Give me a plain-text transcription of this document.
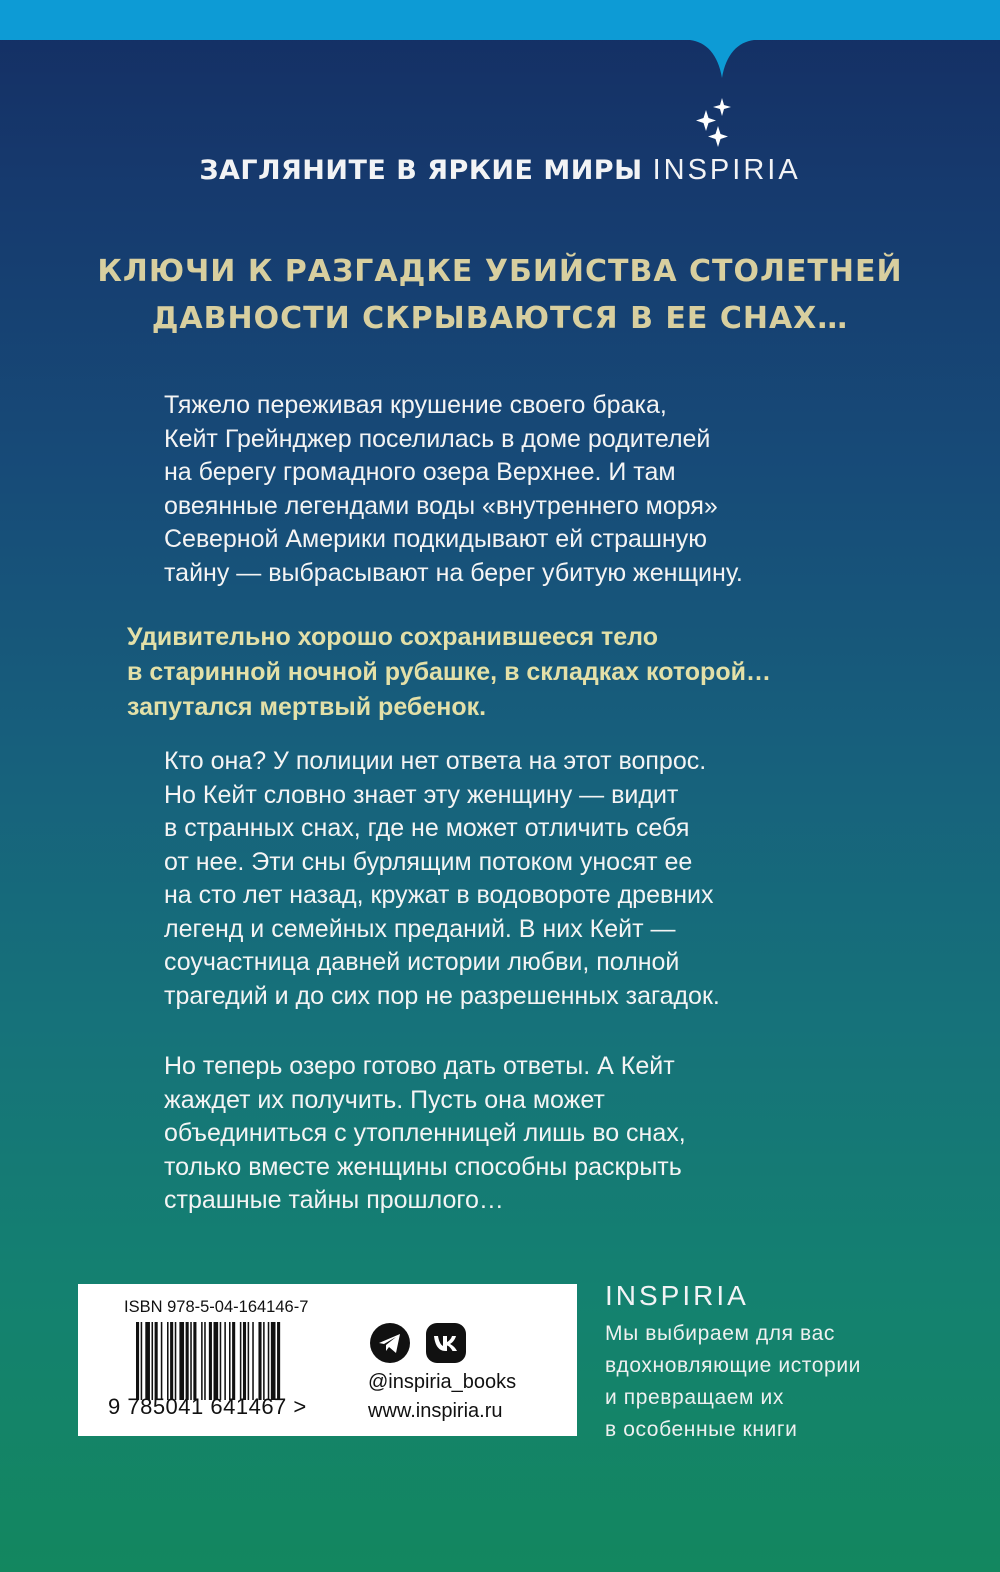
ЗАГЛЯНИТЕ В ЯРКИЕ МИРЫ INSPIRIA
КЛЮЧИ К РАЗГАДКЕ УБИЙСТВА СТОЛЕТНЕЙ
ДАВНОСТИ СКРЫВАЮТСЯ В ЕЕ СНАХ…
Тяжело переживая крушение своего брака,
Кейт Грейнджер поселилась в доме родителей
на берегу громадного озера Верхнее. И там
овеянные легендами воды «внутреннего моря»
Северной Америки подкидывают ей страшную
тайну — выбрасывают на берег убитую женщину.
Удивительно хорошо сохранившееся тело
в старинной ночной рубашке, в складках которой…
запутался мертвый ребенок.
Кто она? У полиции нет ответа на этот вопрос.
Но Кейт словно знает эту женщину — видит
в странных снах, где не может отличить себя
от нее. Эти сны бурлящим потоком уносят ее
на сто лет назад, кружат в водовороте древних
легенд и семейных преданий. В них Кейт —
соучастница давней истории любви, полной
трагедий и до сих пор не разрешенных загадок.
Но теперь озеро готово дать ответы. А Кейт
жаждет их получить. Пусть она может
объединиться с утопленницей лишь во снах,
только вместе женщины способны раскрыть
страшные тайны прошлого…
ISBN 978-5-04-164146-7
9 785041 641467 >

@inspiria_books
www.inspiria.ru
INSPIRIA
Мы выбираем для вас
вдохновляющие истории
и превращаем их
в особенные книги
